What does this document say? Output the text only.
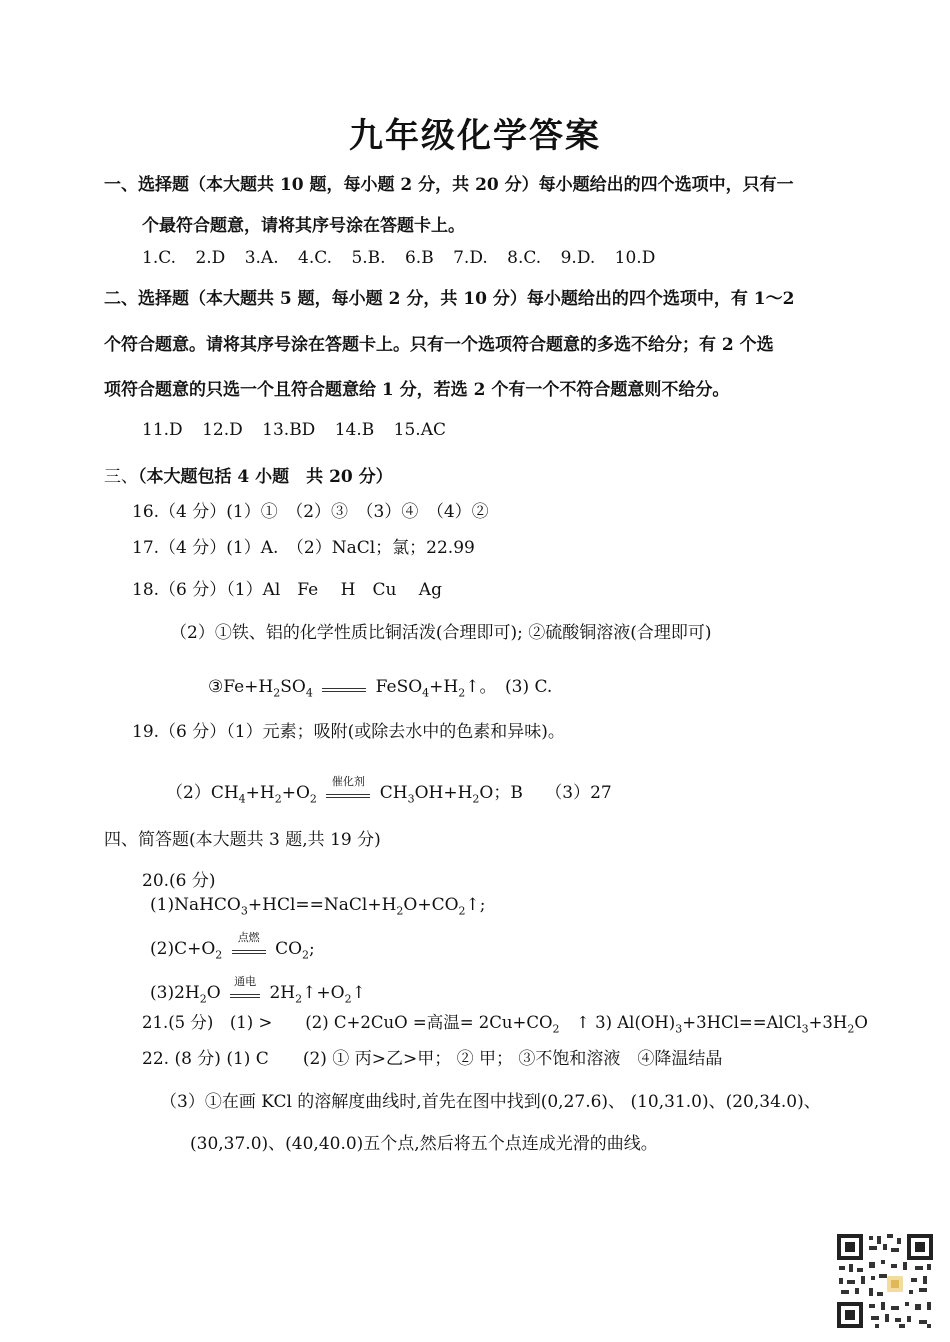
九年级化学答案
一、选择题（本大题共 10 题，每小题 2 分，共 20 分）每小题给出的四个选项中，只有一
个最符合题意，请将其序号涂在答题卡上。
1.C. 2.D 3.A. 4.C. 5.B. 6.B 7.D. 8.C. 9.D. 10.D
二、选择题（本大题共 5 题，每小题 2 分，共 10 分）每小题给出的四个选项中，有 1～2
个符合题意。请将其序号涂在答题卡上。只有一个选项符合题意的多选不给分；有 2 个选
项符合题意的只选一个且符合题意给 1 分，若选 2 个有一个不符合题意则不给分。
11.D 12.D 13.BD 14.B 15.AC
三、（本大题包括 4 小题　共 20 分）
16.（4 分）(1）①　（2）③　（3）④　（4）②
17.（4 分）(1）A.　（2）NaCl；氯；22.99
18.（6 分）（1）Al　Fe　 H　Cu　 Ag
（2）①铁、铝的化学性质比铜活泼(合理即可); ②硫酸铜溶液(合理即可)
$③Fe+H_2SO_4$	$FeSO_4+H_2↑$。　(3) C.
19.（6 分）（1）元素；吸附(或除去水中的色素和异味)。
$(2)CH_4+H_2+O_2$
催化剂
$CH_3OH+H_2O$；B　 （3）27
四、简答题(本大题共 3 题,共 19 分)
20.(6 分)
$(1)NaHCO_3+HCl==NaCl+H_2O+CO_2↑$;
$(2)C+O_2$
点燃
$CO_2$;
$(3)2H_2O$
通电
$2H_2↑+O_2↑$
21.(5 分)　(1) >　　(2) C+2CuO =高温= $2Cu+CO_2$　↑ 3) $Al(OH)_3+3HCl==AlCl_3+3H_2O$
22. (8 分) (1) C　　(2) ① 丙>乙>甲； ② 甲； ③不饱和溶液　④降温结晶
（3）①在画 KCl 的溶解度曲线时,首先在图中找到(0,27.6)、 (10,31.0)、(20,34.0)、
(30,37.0)、(40,40.0)五个点,然后将五个点连成光滑的曲线。
